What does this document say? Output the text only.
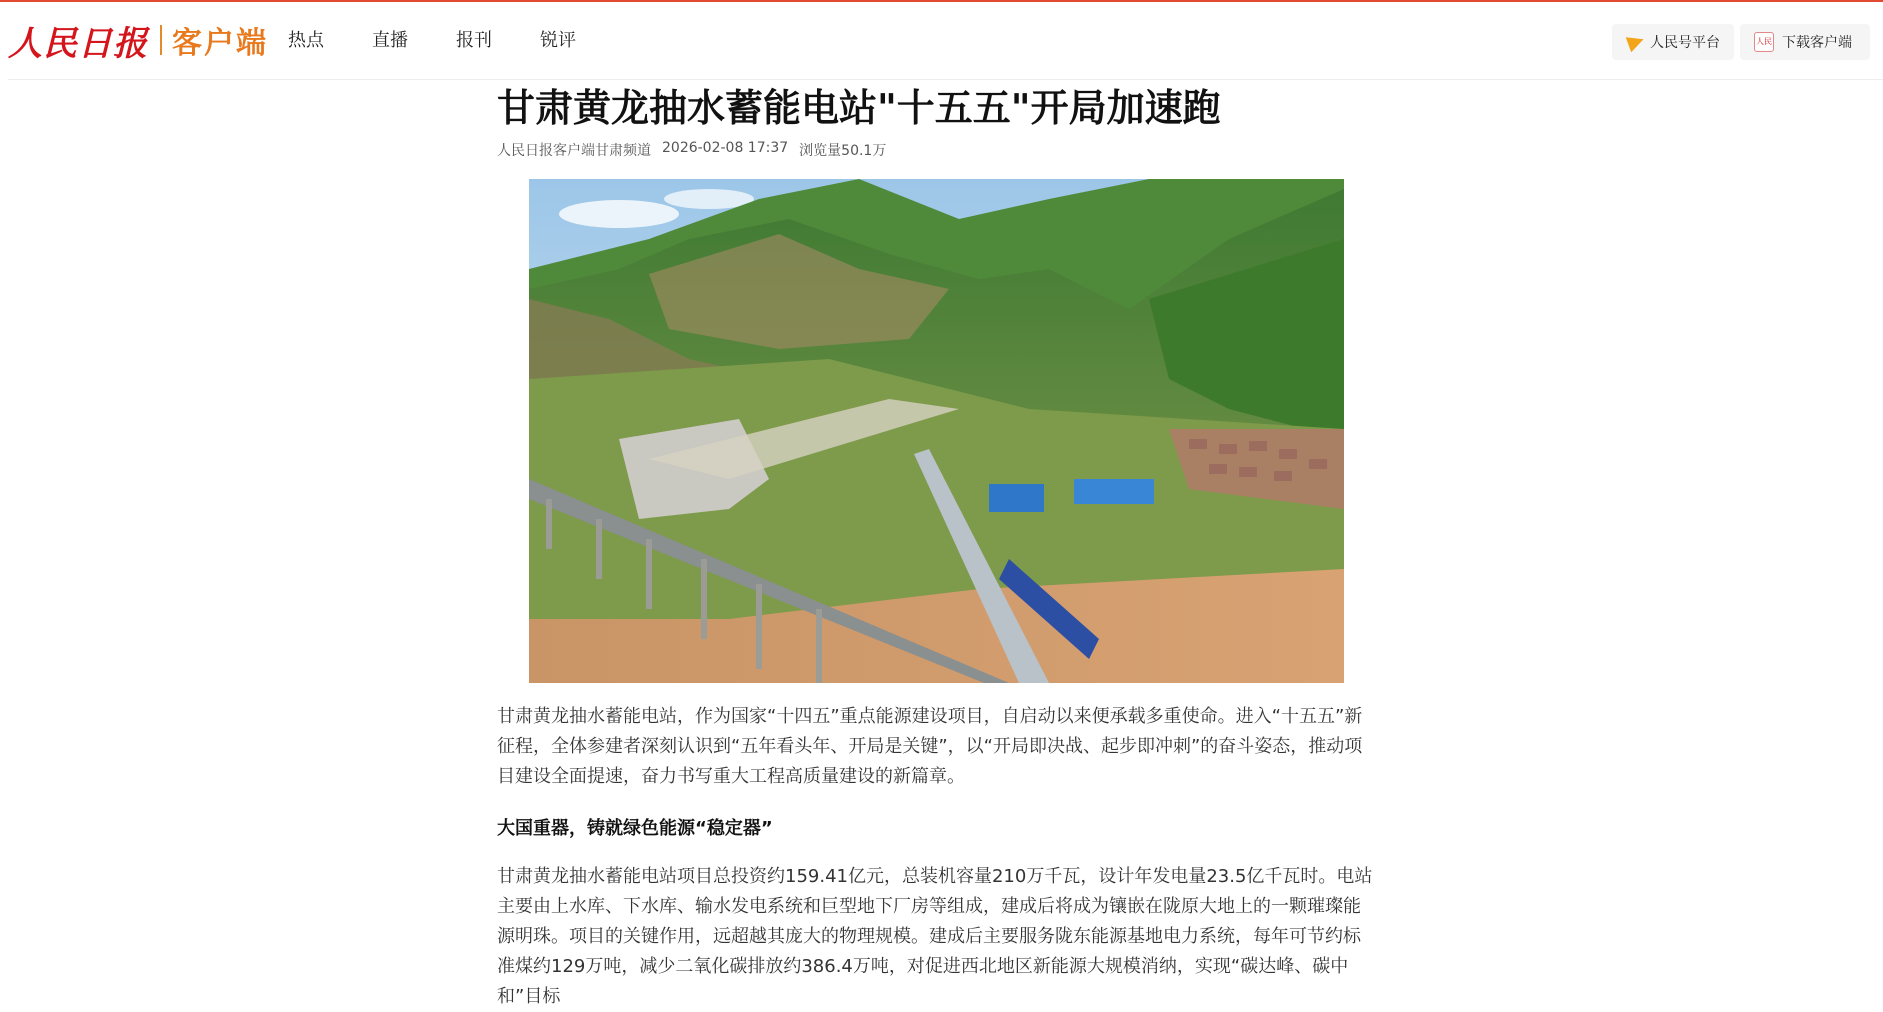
人民日报 客户端 热点	直播	报刊	锐评	人民号平台	人民 下载客户端
甘肃黄龙抽水蓄能电站"十五五"开局加速跑
人民日报客户端甘肃频道 2026-02-08 17:37 浏览量50.1万

甘肃黄龙抽水蓄能电站，作为国家“十四五”重点能源建设项目，自启动以来便承载多重使命。进入“十五五”新征程，全体参建者深刻认识到“五年看头年、开局是关键”，以“开局即决战、起步即冲刺”的奋斗姿态，推动项目建设全面提速，奋力书写重大工程高质量建设的新篇章。

大国重器，铸就绿色能源“稳定器”

甘肃黄龙抽水蓄能电站项目总投资约159.41亿元，总装机容量210万千瓦，设计年发电量23.5亿千瓦时。电站主要由上水库、下水库、输水发电系统和巨型地下厂房等组成，建成后将成为镶嵌在陇原大地上的一颗璀璨能源明珠。项目的关键作用，远超越其庞大的物理规模。建成后主要服务陇东能源基地电力系统，每年可节约标准煤约129万吨，减少二氧化碳排放约386.4万吨，对促进西北地区新能源大规模消纳，实现“碳达峰、碳中和”目标
